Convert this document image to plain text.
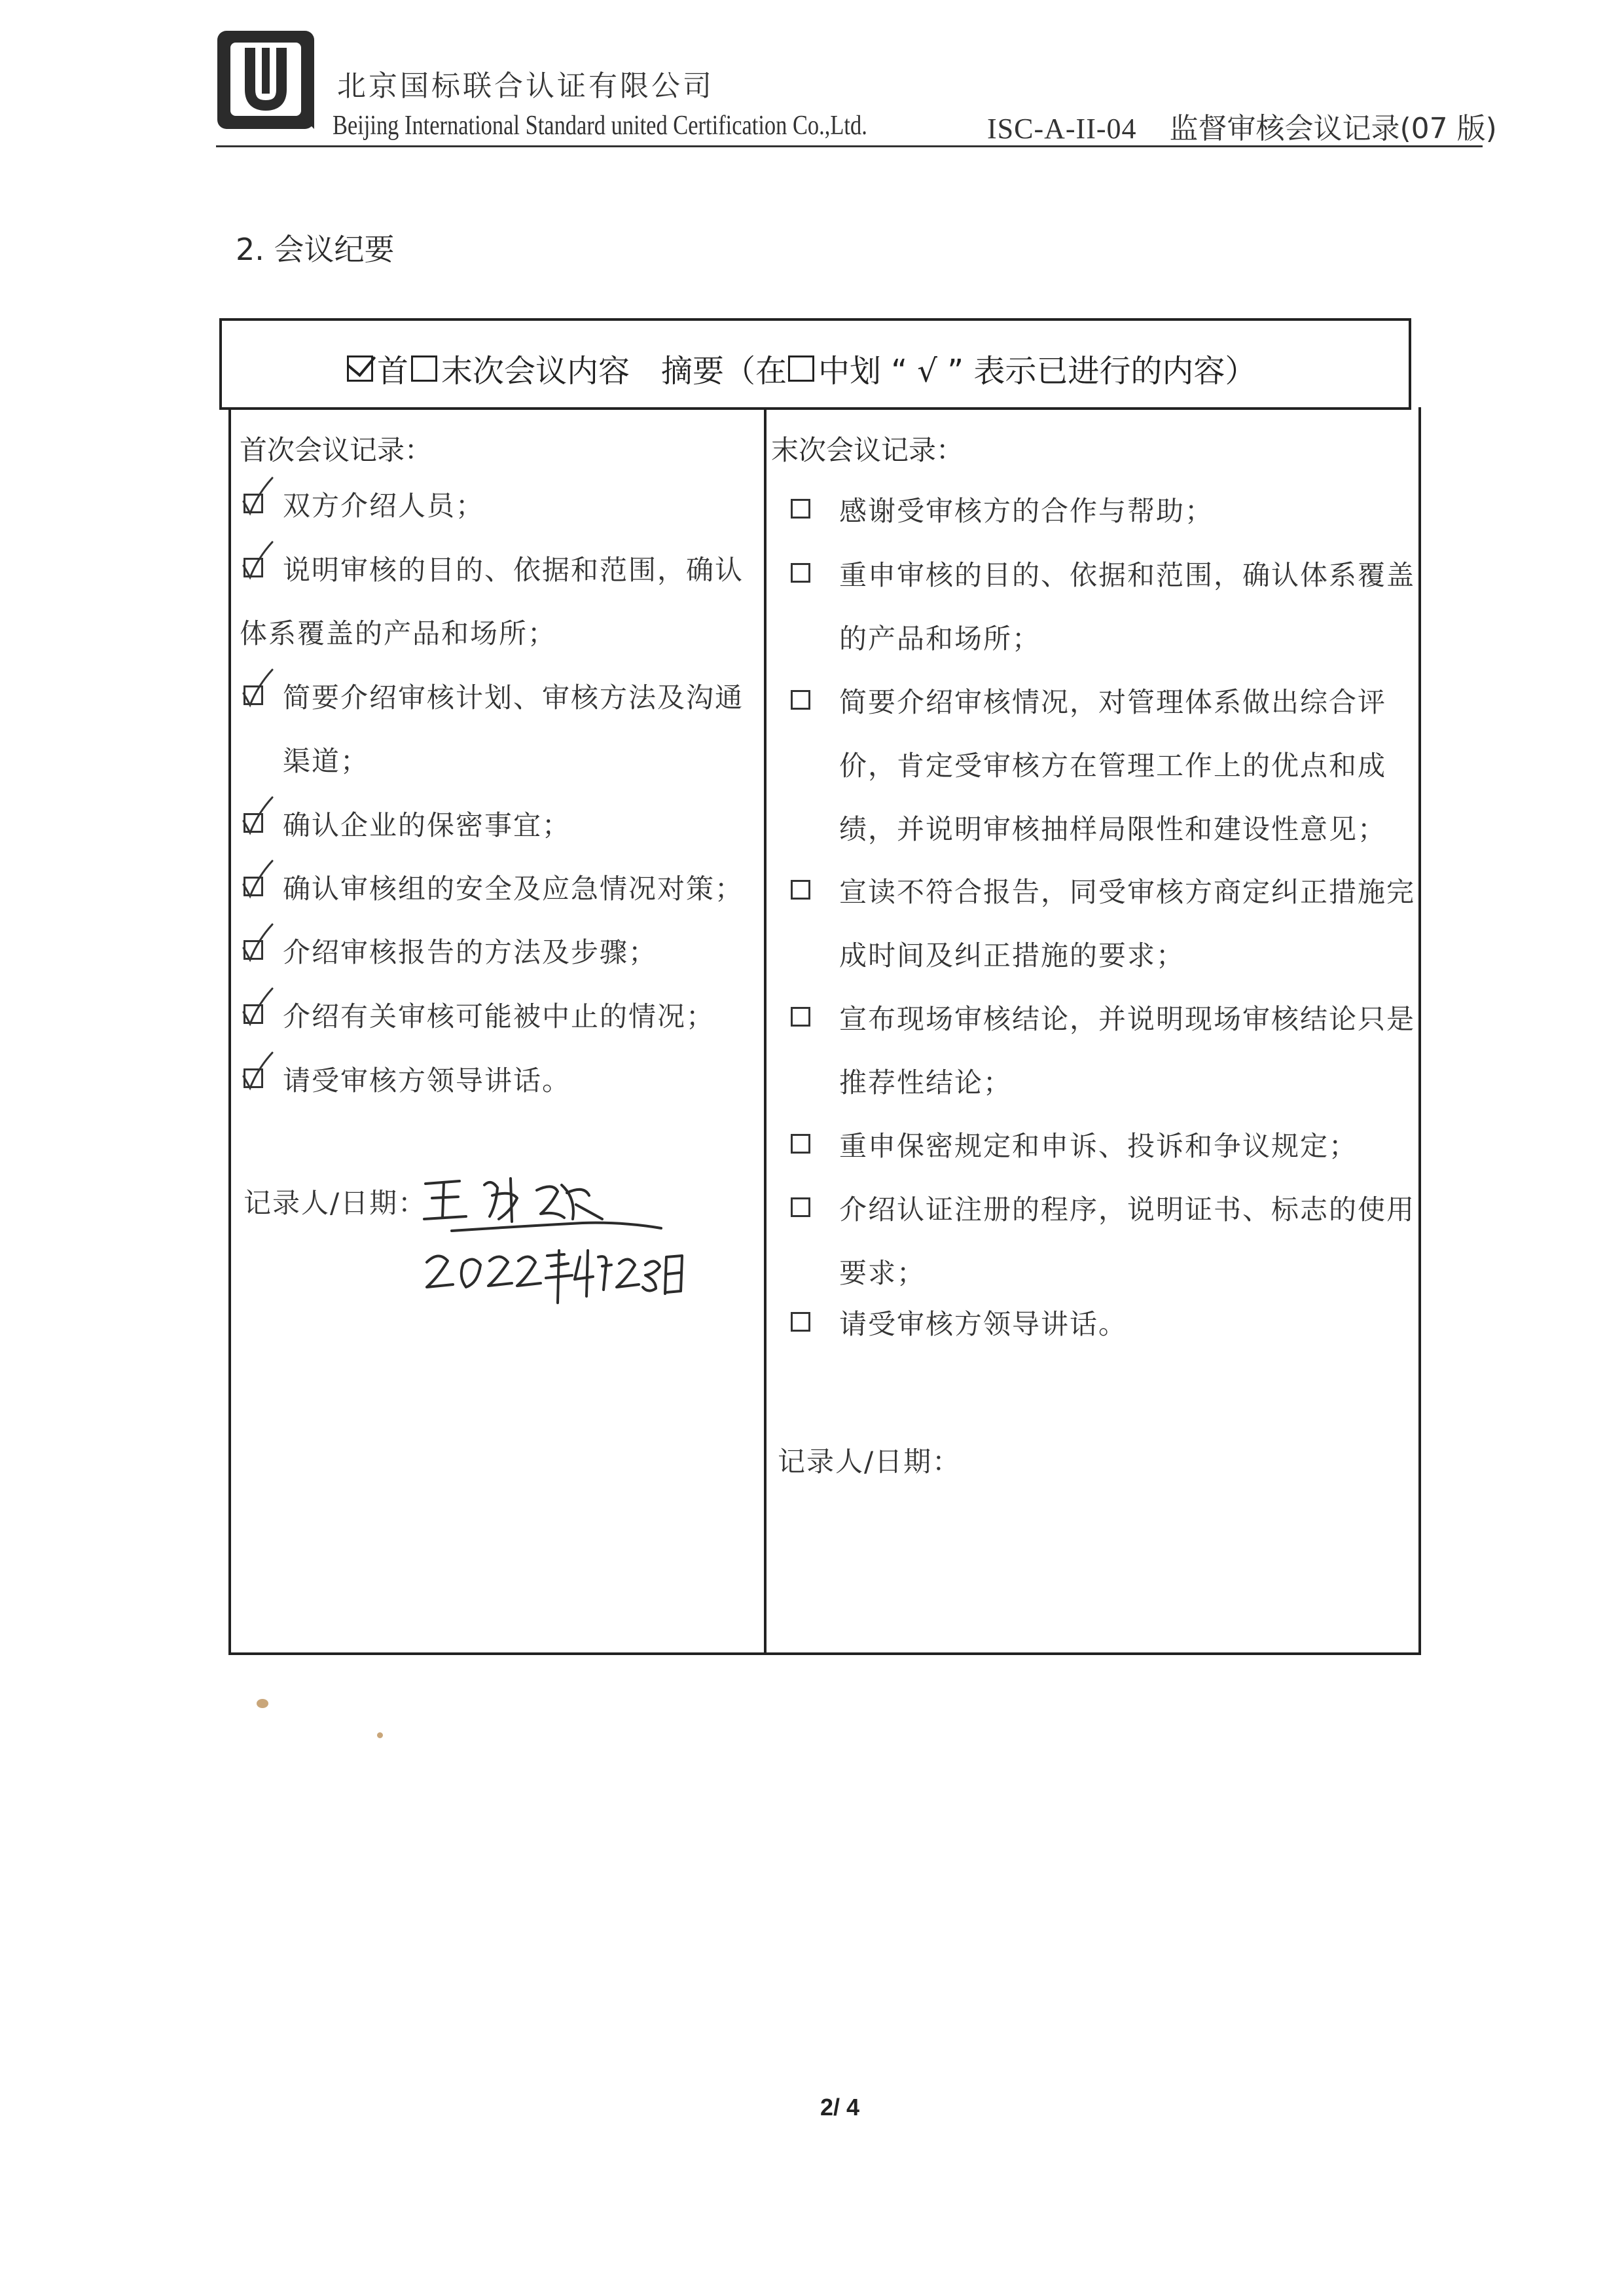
北京国标联合认证有限公司
Beijing International Standard united Certification Co.,Ltd.	ISC-A-II-04 监督审核会议记录(07 版)
2. 会议纪要
首 末次会议内容 摘要（在 中划 “ √ ” 表示已进行的内容）
首次会议记录：
记录人/日期：
末次会议记录：
记录人/日期：
2/ 4
双方介绍人员；
说明审核的目的、依据和范围，确认
体系覆盖的产品和场所；
简要介绍审核计划、审核方法及沟通
渠道；
确认企业的保密事宜；
确认审核组的安全及应急情况对策；
介绍审核报告的方法及步骤；
介绍有关审核可能被中止的情况；
请受审核方领导讲话。
感谢受审核方的合作与帮助；
重申审核的目的、依据和范围，确认体系覆盖
的产品和场所；
简要介绍审核情况，对管理体系做出综合评
价，肯定受审核方在管理工作上的优点和成
绩，并说明审核抽样局限性和建设性意见；
宣读不符合报告，同受审核方商定纠正措施完
成时间及纠正措施的要求；
宣布现场审核结论，并说明现场审核结论只是
推荐性结论；
重申保密规定和申诉、投诉和争议规定；
介绍认证注册的程序，说明证书、标志的使用
要求；
请受审核方领导讲话。
